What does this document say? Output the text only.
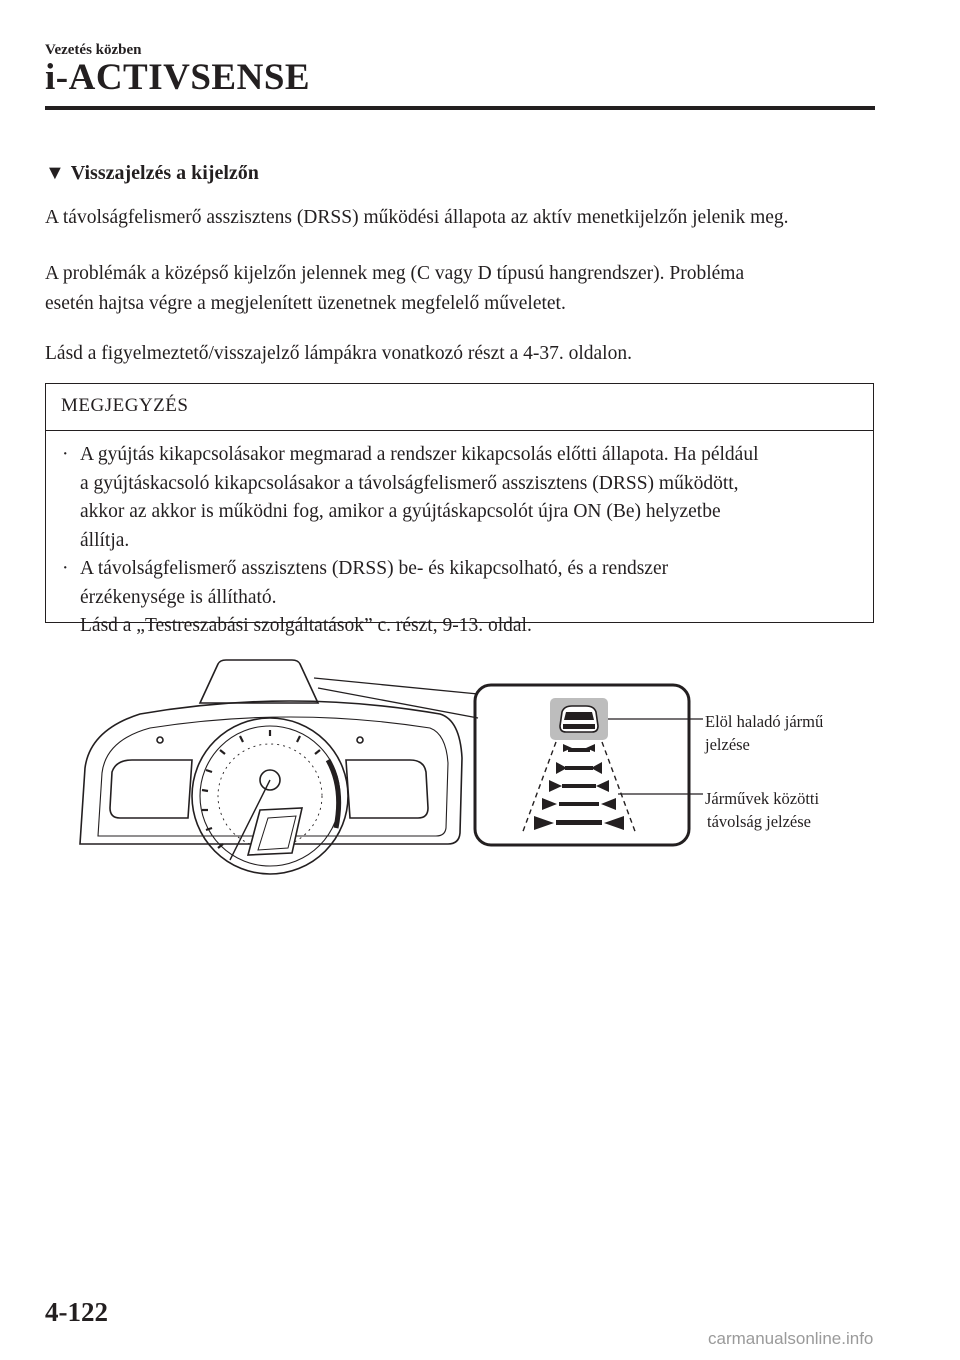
Vezetés közben
i-ACTIVSENSE
▼ Visszajelzés a kijelzőn
A távolságfelismerő asszisztens (DRSS) működési állapota az aktív menetkijelzőn jelenik meg.
A problémák a középső kijelzőn jelennek meg (C vagy D típusú hangrendszer). Probléma
esetén hajtsa végre a megjelenített üzenetnek megfelelő műveletet.
Lásd a figyelmeztető/visszajelző lámpákra vonatkozó részt a 4-37. oldalon.
MEGJEGYZÉS
· A gyújtás kikapcsolásakor megmarad a rendszer kikapcsolás előtti állapota. Ha például
a gyújtáskacsoló kikapcsolásakor a távolságfelismerő asszisztens (DRSS) működött,
akkor az akkor is működni fog, amikor a gyújtáskapcsolót újra ON (Be) helyzetbe
állítja.
· A távolságfelismerő asszisztens (DRSS) be- és kikapcsolható, és a rendszer
érzékenysége is állítható.
Lásd a „Testreszabási szolgáltatások” c. részt, 9-13. oldal.
Elöl haladó jármű
jelzése
Járművek közötti
távolság jelzése
4-122
carmanualsonline.info
